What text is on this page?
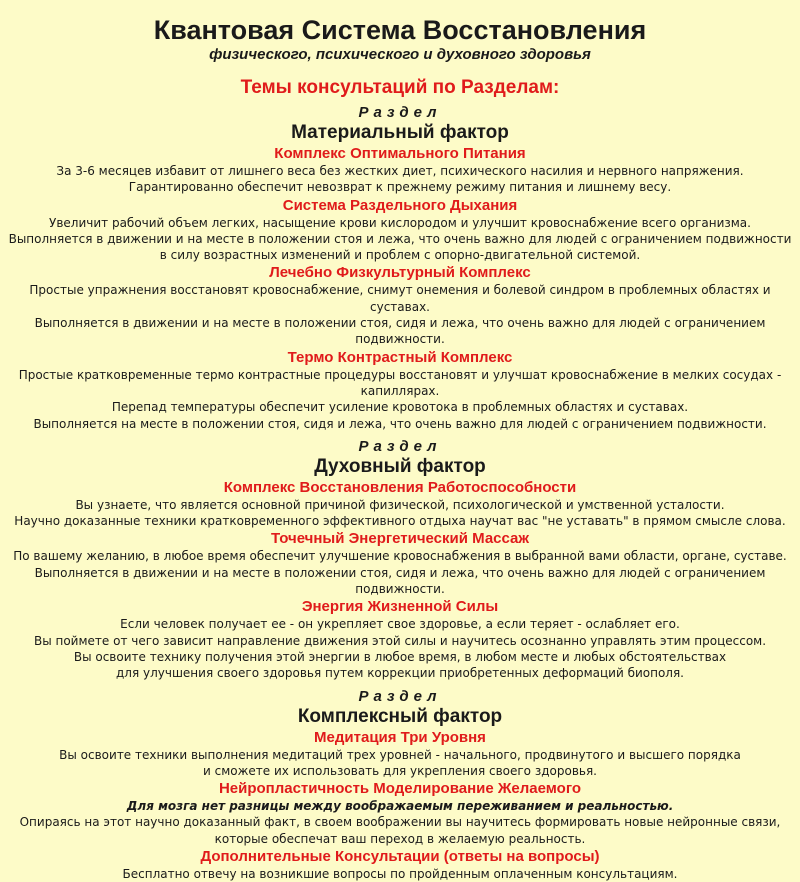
Квантовая Система Восстановления

физического, психического и духовного здоровья

Темы консультаций по Разделам:

Раздел

Материальный фактор

Комплекс Оптимального Питания

За 3-6 месяцев избавит от лишнего веса без жестких диет, психического насилия и нервного напряжения.

Гарантированно обеспечит невозврат к прежнему режиму питания и лишнему весу.

Система Раздельного Дыхания

Увеличит рабочий объем легких, насыщение крови кислородом и улучшит кровоснабжение всего организма.

Выполняется в движении и на месте в положении стоя и лежа, что очень важно для людей с ограничением подвижности

в силу возрастных изменений и проблем с опорно-двигательной системой.

Лечебно Физкультурный Комплекс

Простые упражнения восстановят кровоснабжение, снимут онемения и болевой синдром в проблемных областях и суставах.

Выполняется в движении и на месте в положении стоя, сидя и лежа, что очень важно для людей с ограничением подвижности.

Термо Контрастный Комплекс

Простые кратковременные термо контрастные процедуры восстановят и улучшат кровоснабжение в мелких сосудах - капиллярах.

Перепад температуры обеспечит усиление кровотока в проблемных областях и суставах.

Выполняется на месте в положении стоя, сидя и лежа, что очень важно для людей с ограничением подвижности.

Раздел

Духовный фактор

Комплекс Восстановления Работоспособности

Вы узнаете, что является основной причиной физической, психологической и умственной усталости.

Научно доказанные техники кратковременного эффективного отдыха научат вас "не уставать" в прямом смысле слова.

Точечный Энергетический Массаж

По вашему желанию, в любое время обеспечит улучшение кровоснабжения в выбранной вами области, органе, суставе.

Выполняется в движении и на месте в положении стоя, сидя и лежа, что очень важно для людей с ограничением подвижности.

Энергия Жизненной Силы

Если человек получает ее - он укрепляет свое здоровье, а если теряет - ослабляет его.

Вы поймете от чего зависит направление движения этой силы и научитесь осознанно управлять этим процессом.

Вы освоите технику получения этой энергии в любое время, в любом месте и любых обстоятельствах

для улучшения своего здоровья путем коррекции приобретенных деформаций биополя.

Раздел

Комплексный фактор

Медитация Три Уровня

Вы освоите техники выполнения медитаций трех уровней - начального, продвинутого и высшего порядка

и сможете их использовать для укрепления своего здоровья.

Нейропластичность Моделирование Желаемого

Для мозга нет разницы между воображаемым переживанием и реальностью.

Опираясь на этот научно доказанный факт, в своем воображении вы научитесь формировать новые нейронные связи,

которые обеспечат ваш переход в желаемую реальность.

Дополнительные Консультации (ответы на вопросы)

Бесплатно отвечу на возникшие вопросы по пройденным оплаченным консультациям.
